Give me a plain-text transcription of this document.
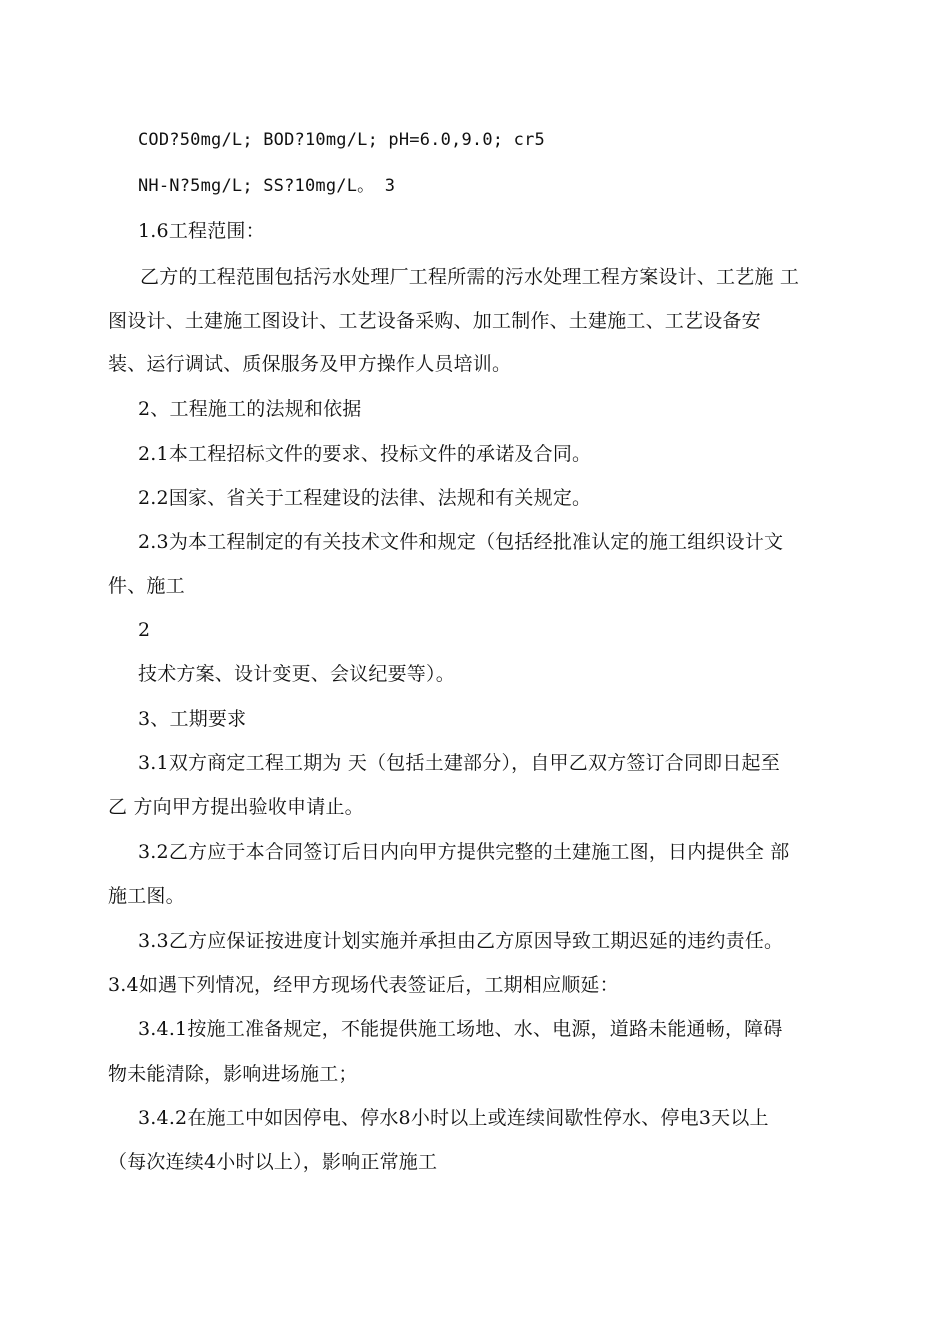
COD?50mg/L; BOD?10mg/L; pH=6.0,9.0; cr5
NH-N?5mg/L; SS?10mg/L。 3
1.6工程范围：
乙方的工程范围包括污水处理厂工程所需的污水处理工程方案设计、工艺施 工
图设计、土建施工图设计、工艺设备采购、加工制作、土建施工、工艺设备安
装、运行调试、质保服务及甲方操作人员培训。
2、工程施工的法规和依据
2.1本工程招标文件的要求、投标文件的承诺及合同。
2.2国家、省关于工程建设的法律、法规和有关规定。
2.3为本工程制定的有关技术文件和规定（包括经批准认定的施工组织设计文
件、施工
2
技术方案、设计变更、会议纪要等）。
3、工期要求
3.1双方商定工程工期为 天（包括土建部分），自甲乙双方签订合同即日起至
乙 方向甲方提出验收申请止。
3.2乙方应于本合同签订后日内向甲方提供完整的土建施工图，日内提供全 部
施工图。
3.3乙方应保证按进度计划实施并承担由乙方原因导致工期迟延的违约责任。
3.4如遇下列情况，经甲方现场代表签证后，工期相应顺延：
3.4.1按施工准备规定，不能提供施工场地、水、电源，道路未能通畅，障碍
物未能清除，影响进场施工；
3.4.2在施工中如因停电、停水8小时以上或连续间歇性停水、停电3天以上
（每次连续4小时以上），影响正常施工
